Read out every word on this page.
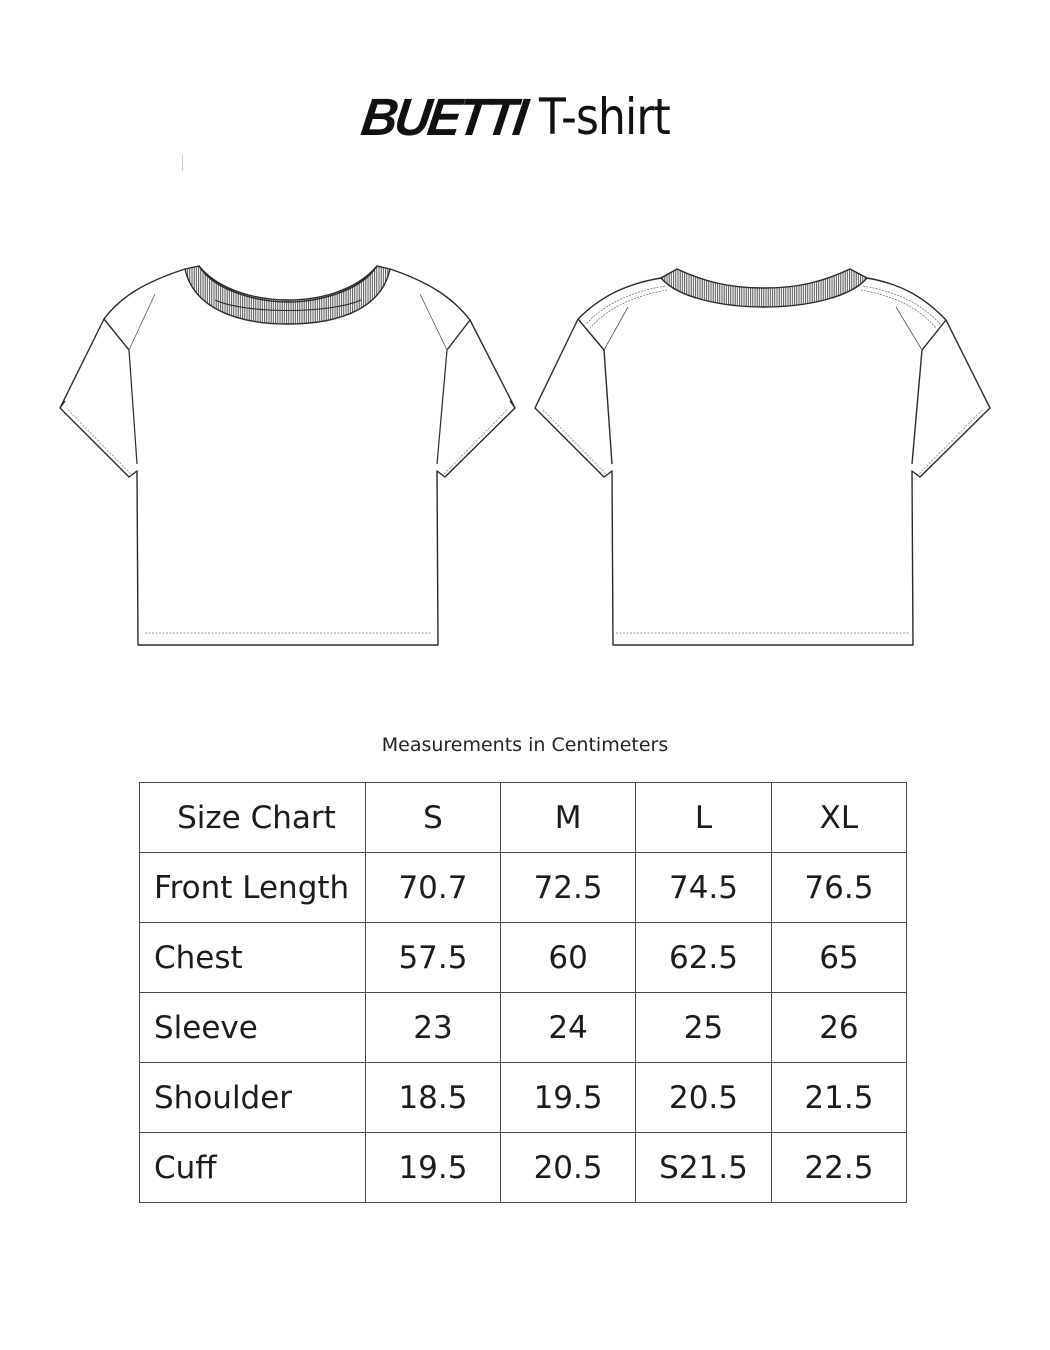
BUETTI T-shirt
Measurements in Centimeters
Size Chart	S	M	L	XL
Front Length	70.7	72.5	74.5	76.5
Chest	57.5	60	62.5	65
Sleeve	23	24	25	26
Shoulder	18.5	19.5	20.5	21.5
Cuff	19.5	20.5	S21.5	22.5
